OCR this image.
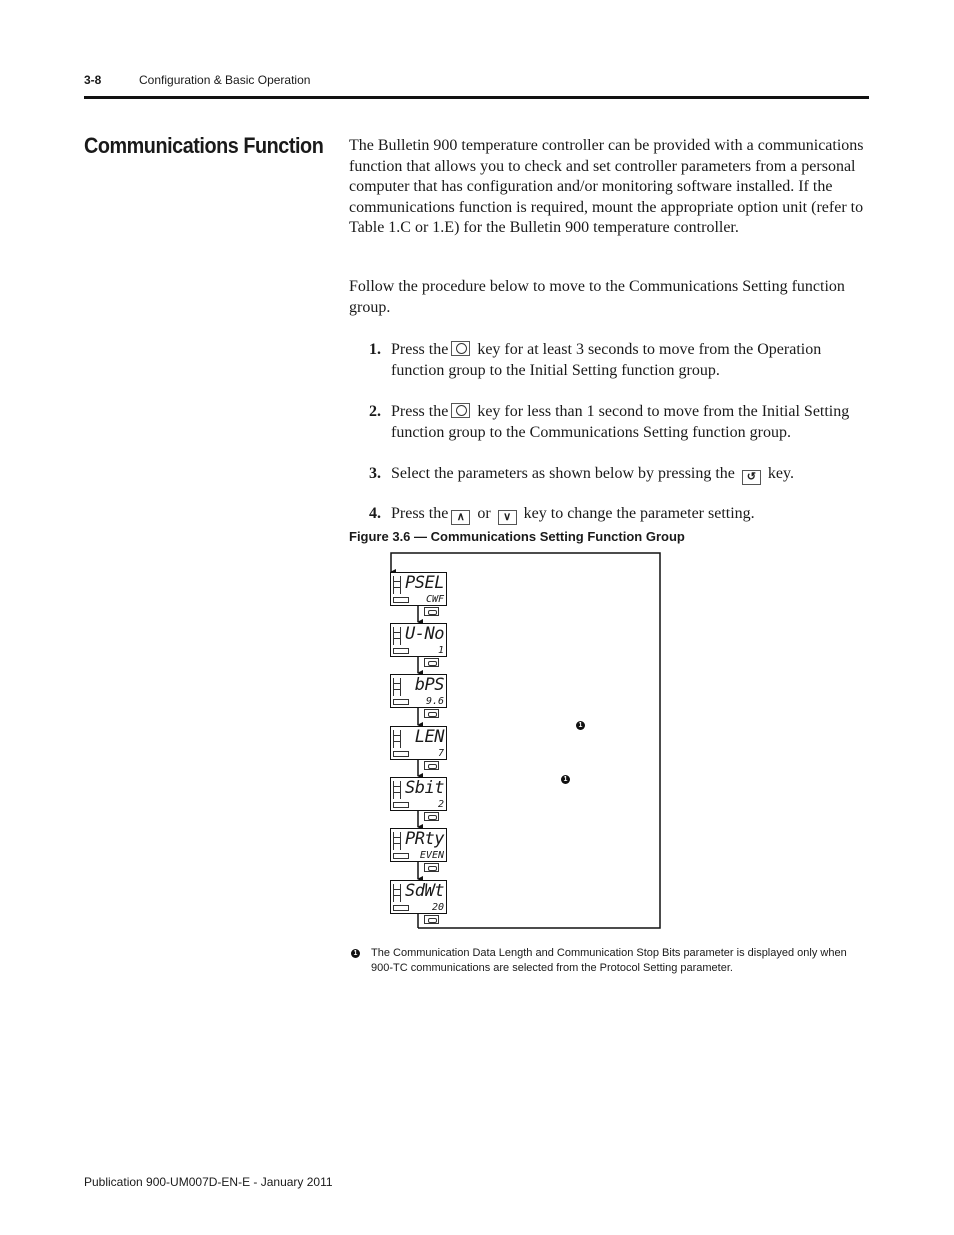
3-8	Configuration & Basic Operation
Communications Function The Bulletin 900 temperature controller can be provided with a communications function that allows you to check and set controller parameters from a personal computer that has configuration and/or monitoring software installed. If the communications function is required, mount the appropriate option unit (refer to Table 1.C or 1.E) for the Bulletin 900 temperature controller.
Follow the procedure below to move to the Communications Setting function group.
1. Press the key for at least 3 seconds to move from the Operation function group to the Initial Setting function group.
2. Press the key for less than 1 second to move from the Initial Setting function group to the Communications Setting function group.
3. Select the parameters as shown below by pressing the ↺ key.
4. Press the ∧ or ∨ key to change the parameter setting.
Figure 3.6 — Communications Setting Function Group
PSEL
CWF
U-No
1
bPS
9.6
LEN
7
Sbit
2
PRty
EVEN
SdWt
20
1
1
1 The Communication Data Length and Communication Stop Bits parameter is displayed only when 900-TC communications are selected from the Protocol Setting parameter.
Publication 900-UM007D-EN-E - January 2011
